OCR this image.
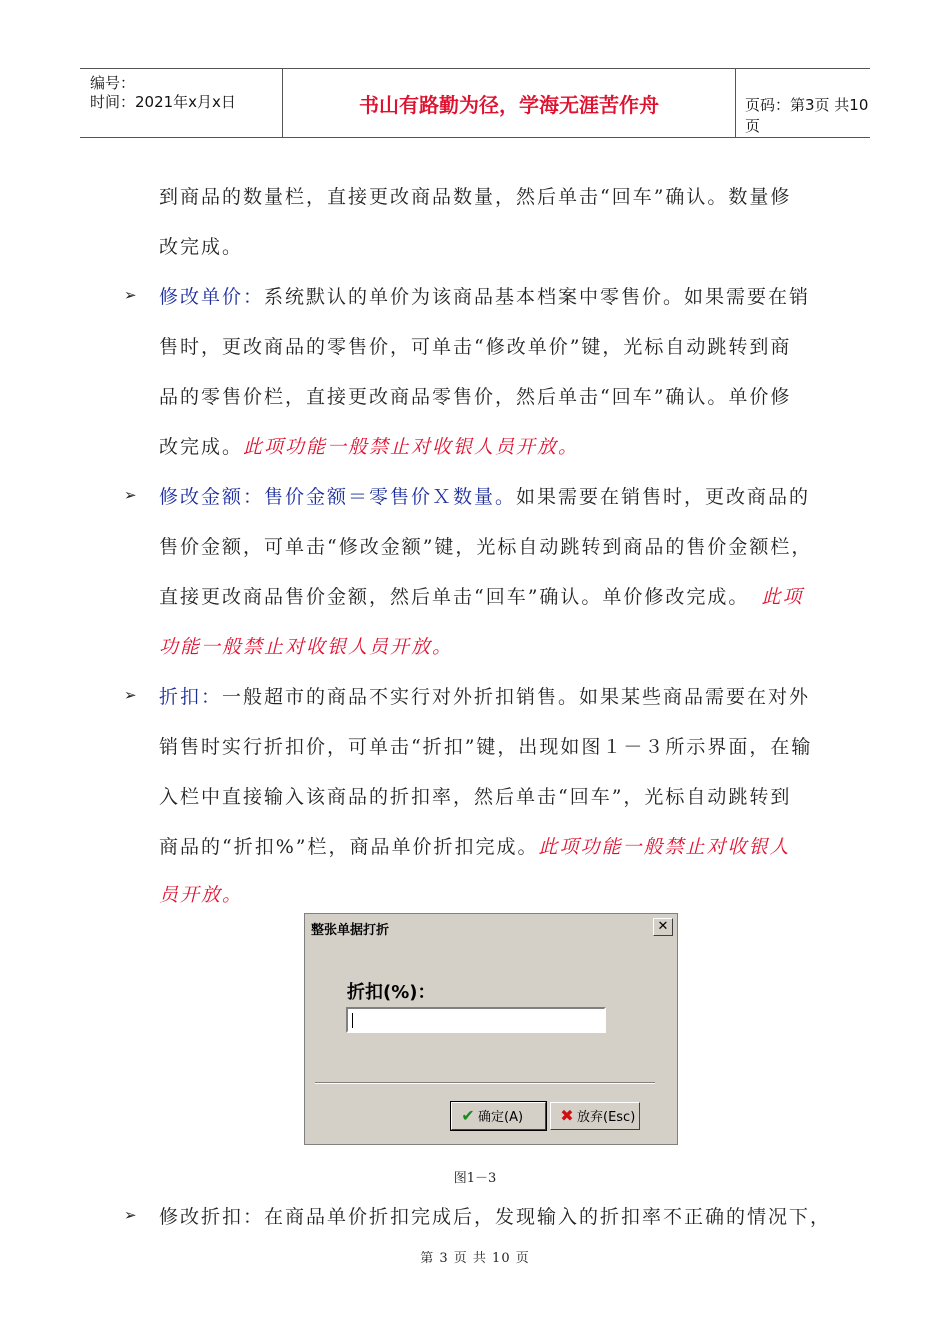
编号：
时间：2021年x月x日	书山有路勤为径，学海无涯苦作舟	页码：第3页 共10页
到商品的数量栏，直接更改商品数量，然后单击“回车”确认。数量修
改完成。
➢ 修改单价：系统默认的单价为该商品基本档案中零售价。如果需要在销
售时，更改商品的零售价，可单击“修改单价”键，光标自动跳转到商
品的零售价栏，直接更改商品零售价，然后单击“回车”确认。单价修
改完成。此项功能一般禁止对收银人员开放。
➢ 修改金额：售价金额＝零售价Ｘ数量。如果需要在销售时，更改商品的
售价金额，可单击“修改金额”键，光标自动跳转到商品的售价金额栏，
直接更改商品售价金额，然后单击“回车”确认。单价修改完成。 此项
功能一般禁止对收银人员开放。
➢ 折扣：一般超市的商品不实行对外折扣销售。如果某些商品需要在对外
销售时实行折扣价，可单击“折扣”键，出现如图１－３所示界面，在输
入栏中直接输入该商品的折扣率，然后单击“回车”，光标自动跳转到
商品的“折扣%”栏，商品单价折扣完成。此项功能一般禁止对收银人
员开放。
整张单据打折	✕
折扣(%)：
✔ 确定(A)	✖ 放弃(Esc)
图1－3
➢ 修改折扣：在商品单价折扣完成后，发现输入的折扣率不正确的情况下，
第 3 页 共 10 页
